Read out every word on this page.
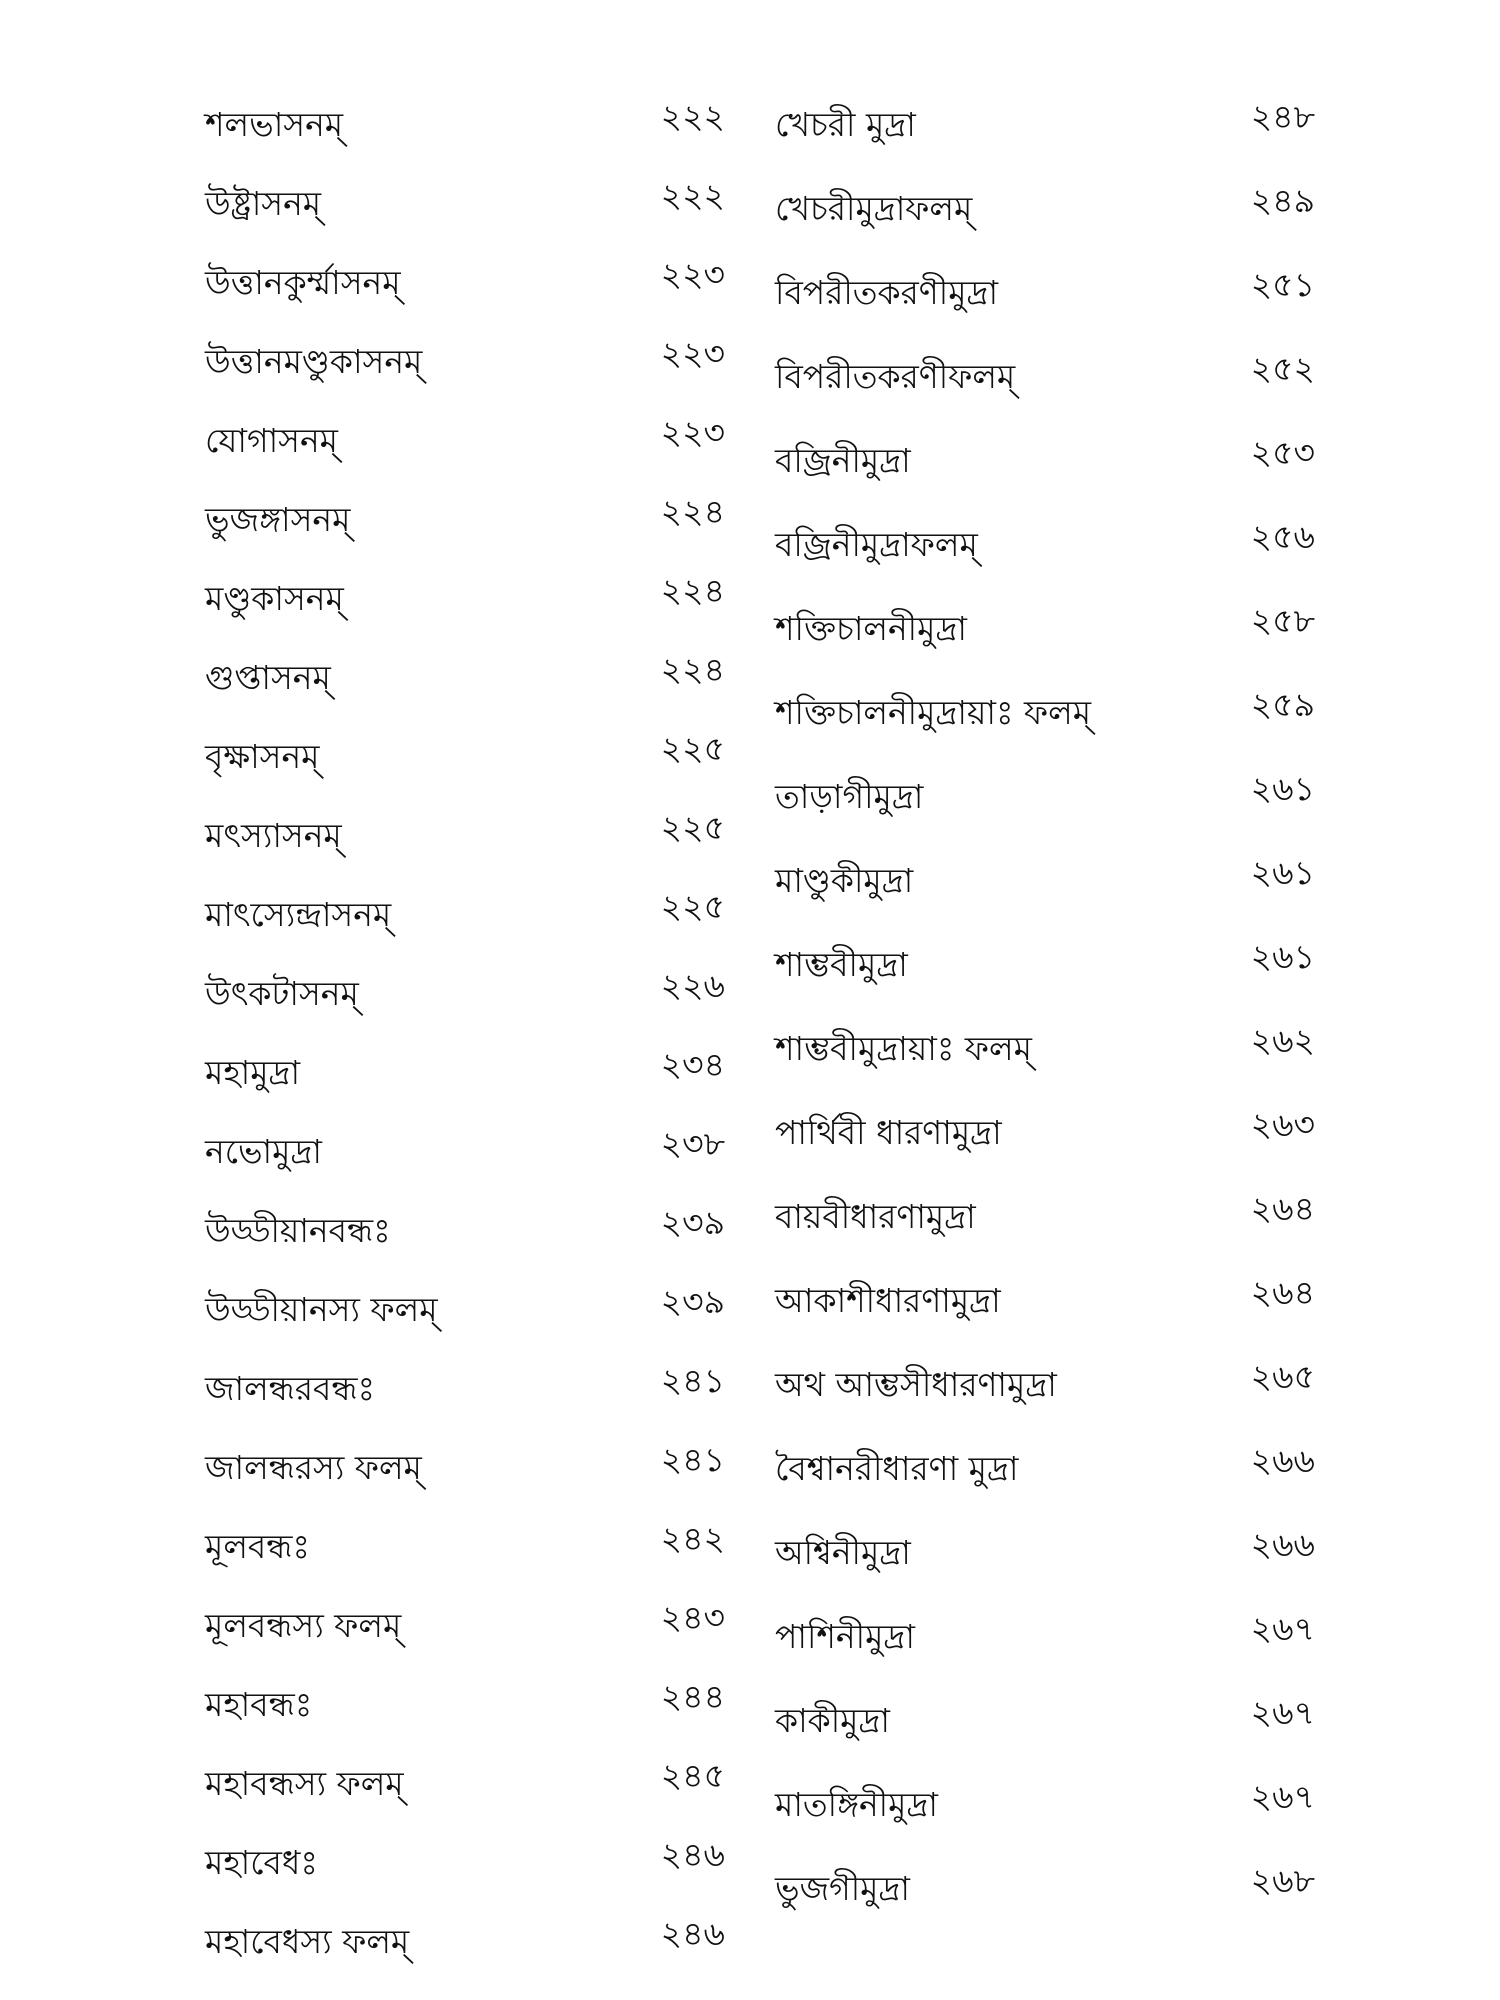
শলভাসনম্	২২২
উষ্ট্রাসনম্	২২২
উত্তানকুর্ম্মাসনম্	২২৩
উত্তানমণ্ডুকাসনম্	২২৩
যোগাসনম্	২২৩
ভুজঙ্গাসনম্	২২৪
মণ্ডুকাসনম্	২২৪
গুপ্তাসনম্	২২৪
বৃক্ষাসনম্	২২৫
মৎস্যাসনম্	২২৫
মাৎস্যেন্দ্রাসনম্	২২৫
উৎকটাসনম্	২২৬
মহামুদ্রা	২৩৪
নভোমুদ্রা	২৩৮
উড্ডীয়ানবন্ধঃ	২৩৯
উড্ডীয়ানস্য ফলম্	২৩৯
জালন্ধরবন্ধঃ	২৪১
জালন্ধরস্য ফলম্	২৪১
মূলবন্ধঃ	২৪২
মূলবন্ধস্য ফলম্	২৪৩
মহাবন্ধঃ	২৪৪
মহাবন্ধস্য ফলম্	২৪৫
মহাবেধঃ	২৪৬
মহাবেধস্য ফলম্	২৪৬
খেচরী মুদ্রা	২৪৮
খেচরীমুদ্রাফলম্	২৪৯
বিপরীতকরণীমুদ্রা	২৫১
বিপরীতকরণীফলম্	২৫২
বজ্রিনীমুদ্রা	২৫৩
বজ্রিনীমুদ্রাফলম্	২৫৬
শক্তিচালনীমুদ্রা	২৫৮
শক্তিচালনীমুদ্রায়াঃ ফলম্	২৫৯
তাড়াগীমুদ্রা	২৬১
মাণ্ডুকীমুদ্রা	২৬১
শাম্ভবীমুদ্রা	২৬১
শাম্ভবীমুদ্রায়াঃ ফলম্	২৬২
পার্থিবী ধারণামুদ্রা	২৬৩
বায়বীধারণামুদ্রা	২৬৪
আকাশীধারণামুদ্রা	২৬৪
অথ আম্ভসীধারণামুদ্রা	২৬৫
বৈশ্বানরীধারণা মুদ্রা	২৬৬
অশ্বিনীমুদ্রা	২৬৬
পাশিনীমুদ্রা	২৬৭
কাকীমুদ্রা	২৬৭
মাতঙ্গিনীমুদ্রা	২৬৭
ভুজগীমুদ্রা	২৬৮
